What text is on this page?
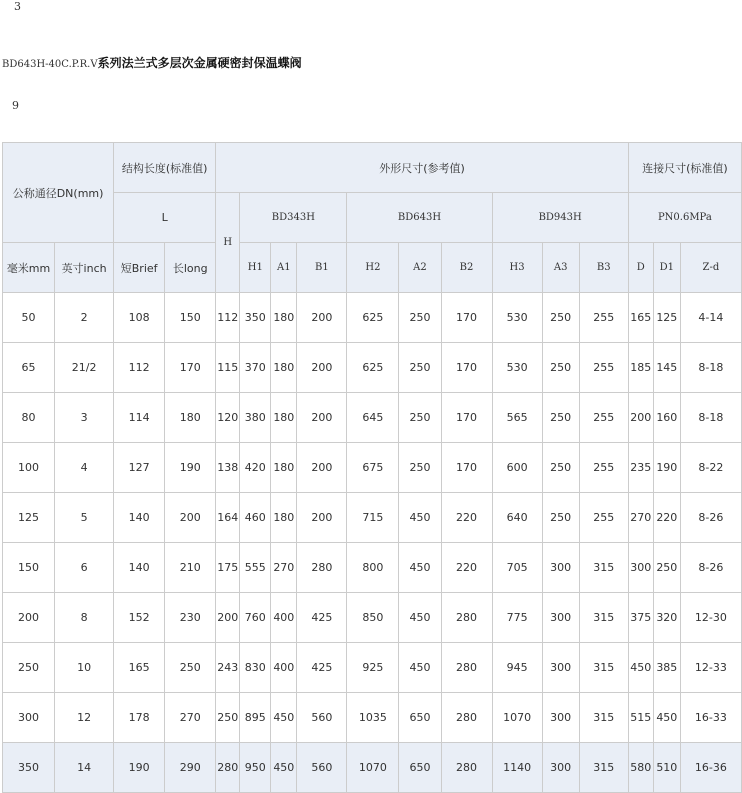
3
BD643H-40C.P.R.V系列法兰式多层次金属硬密封保温蝶阀
9
公称通径DN(mm)		结构长度(标准值)		外形尺寸(参考值)										连接尺寸(标准值)		
		L		H	BD343H			BD643H			BD943H			PN0.6MPa		
毫米mm	英寸inch	短Brief	长long		H1	A1	B1	H2	A2	B2	H3	A3	B3	D	D1	Z-d
50	2	108	150	112	350	180	200	625	250	170	530	250	255	165	125	4-14
65	21/2	112	170	115	370	180	200	625	250	170	530	250	255	185	145	8-18
80	3	114	180	120	380	180	200	645	250	170	565	250	255	200	160	8-18
100	4	127	190	138	420	180	200	675	250	170	600	250	255	235	190	8-22
125	5	140	200	164	460	180	200	715	450	220	640	250	255	270	220	8-26
150	6	140	210	175	555	270	280	800	450	220	705	300	315	300	250	8-26
200	8	152	230	200	760	400	425	850	450	280	775	300	315	375	320	12-30
250	10	165	250	243	830	400	425	925	450	280	945	300	315	450	385	12-33
300	12	178	270	250	895	450	560	1035	650	280	1070	300	315	515	450	16-33
350	14	190	290	280	950	450	560	1070	650	280	1140	300	315	580	510	16-36
